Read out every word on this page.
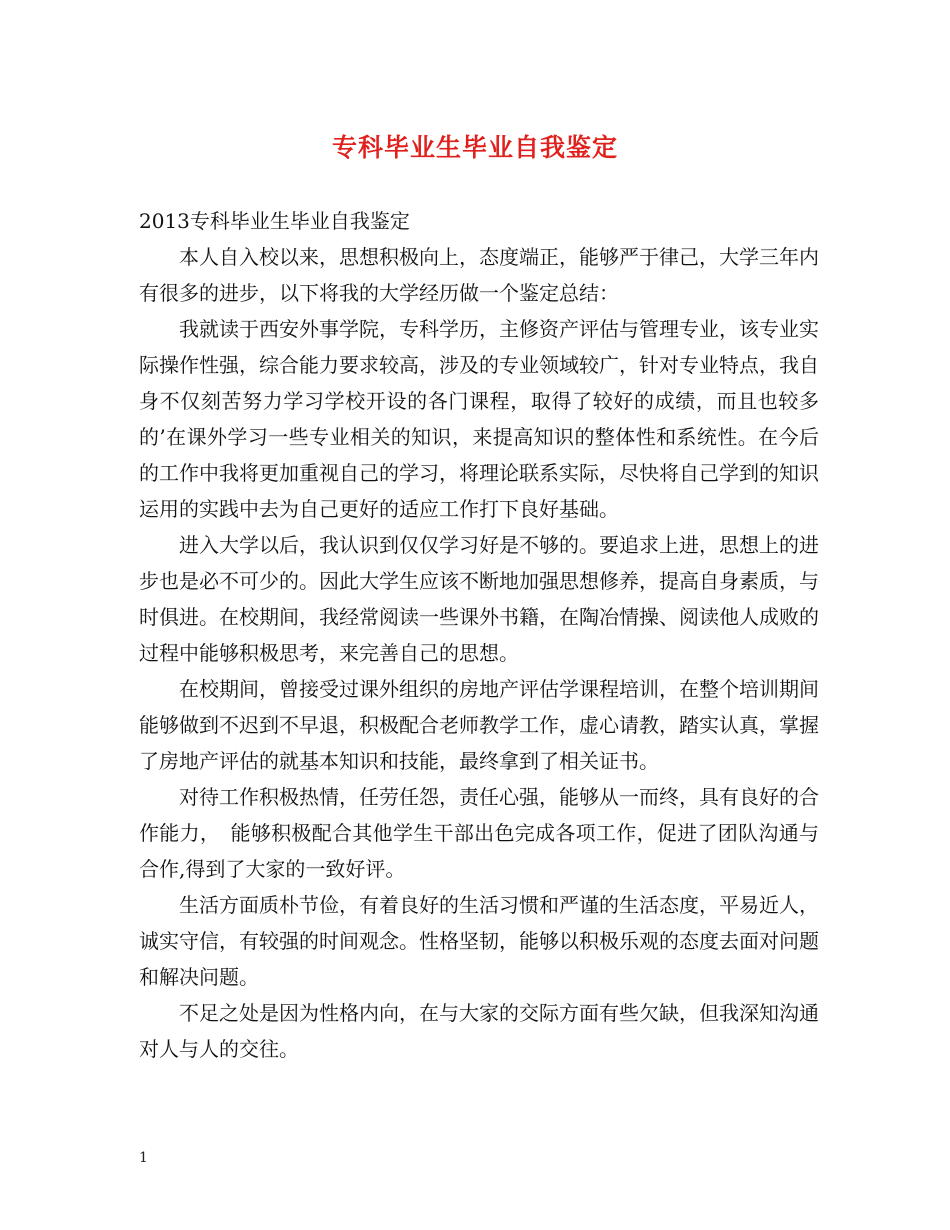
专科毕业生毕业自我鉴定

2013专科毕业生毕业自我鉴定

本人自入校以来，思想积极向上，态度端正，能够严于律己，大学三年内有很多的进步，以下将我的大学经历做一个鉴定总结：

我就读于西安外事学院，专科学历，主修资产评估与管理专业，该专业实际操作性强，综合能力要求较高，涉及的专业领域较广，针对专业特点，我自身不仅刻苦努力学习学校开设的各门课程，取得了较好的成绩，而且也较多的’在课外学习一些专业相关的知识，来提高知识的整体性和系统性。在今后的工作中我将更加重视自己的学习，将理论联系实际，尽快将自己学到的知识运用的实践中去为自己更好的适应工作打下良好基础。

进入大学以后，我认识到仅仅学习好是不够的。要追求上进，思想上的进步也是必不可少的。因此大学生应该不断地加强思想修养，提高自身素质，与时俱进。在校期间，我经常阅读一些课外书籍，在陶冶情操、阅读他人成败的过程中能够积极思考，来完善自己的思想。

在校期间，曾接受过课外组织的房地产评估学课程培训，在整个培训期间能够做到不迟到不早退，积极配合老师教学工作，虚心请教，踏实认真，掌握了房地产评估的就基本知识和技能，最终拿到了相关证书。

对待工作积极热情，任劳任怨，责任心强，能够从一而终，具有良好的合作能力，　能够积极配合其他学生干部出色完成各项工作，促进了团队沟通与合作,得到了大家的一致好评。

生活方面质朴节俭，有着良好的生活习惯和严谨的生活态度，平易近人，诚实守信，有较强的时间观念。性格坚韧，能够以积极乐观的态度去面对问题和解决问题。

不足之处是因为性格内向，在与大家的交际方面有些欠缺，但我深知沟通对人与人的交往。

1
